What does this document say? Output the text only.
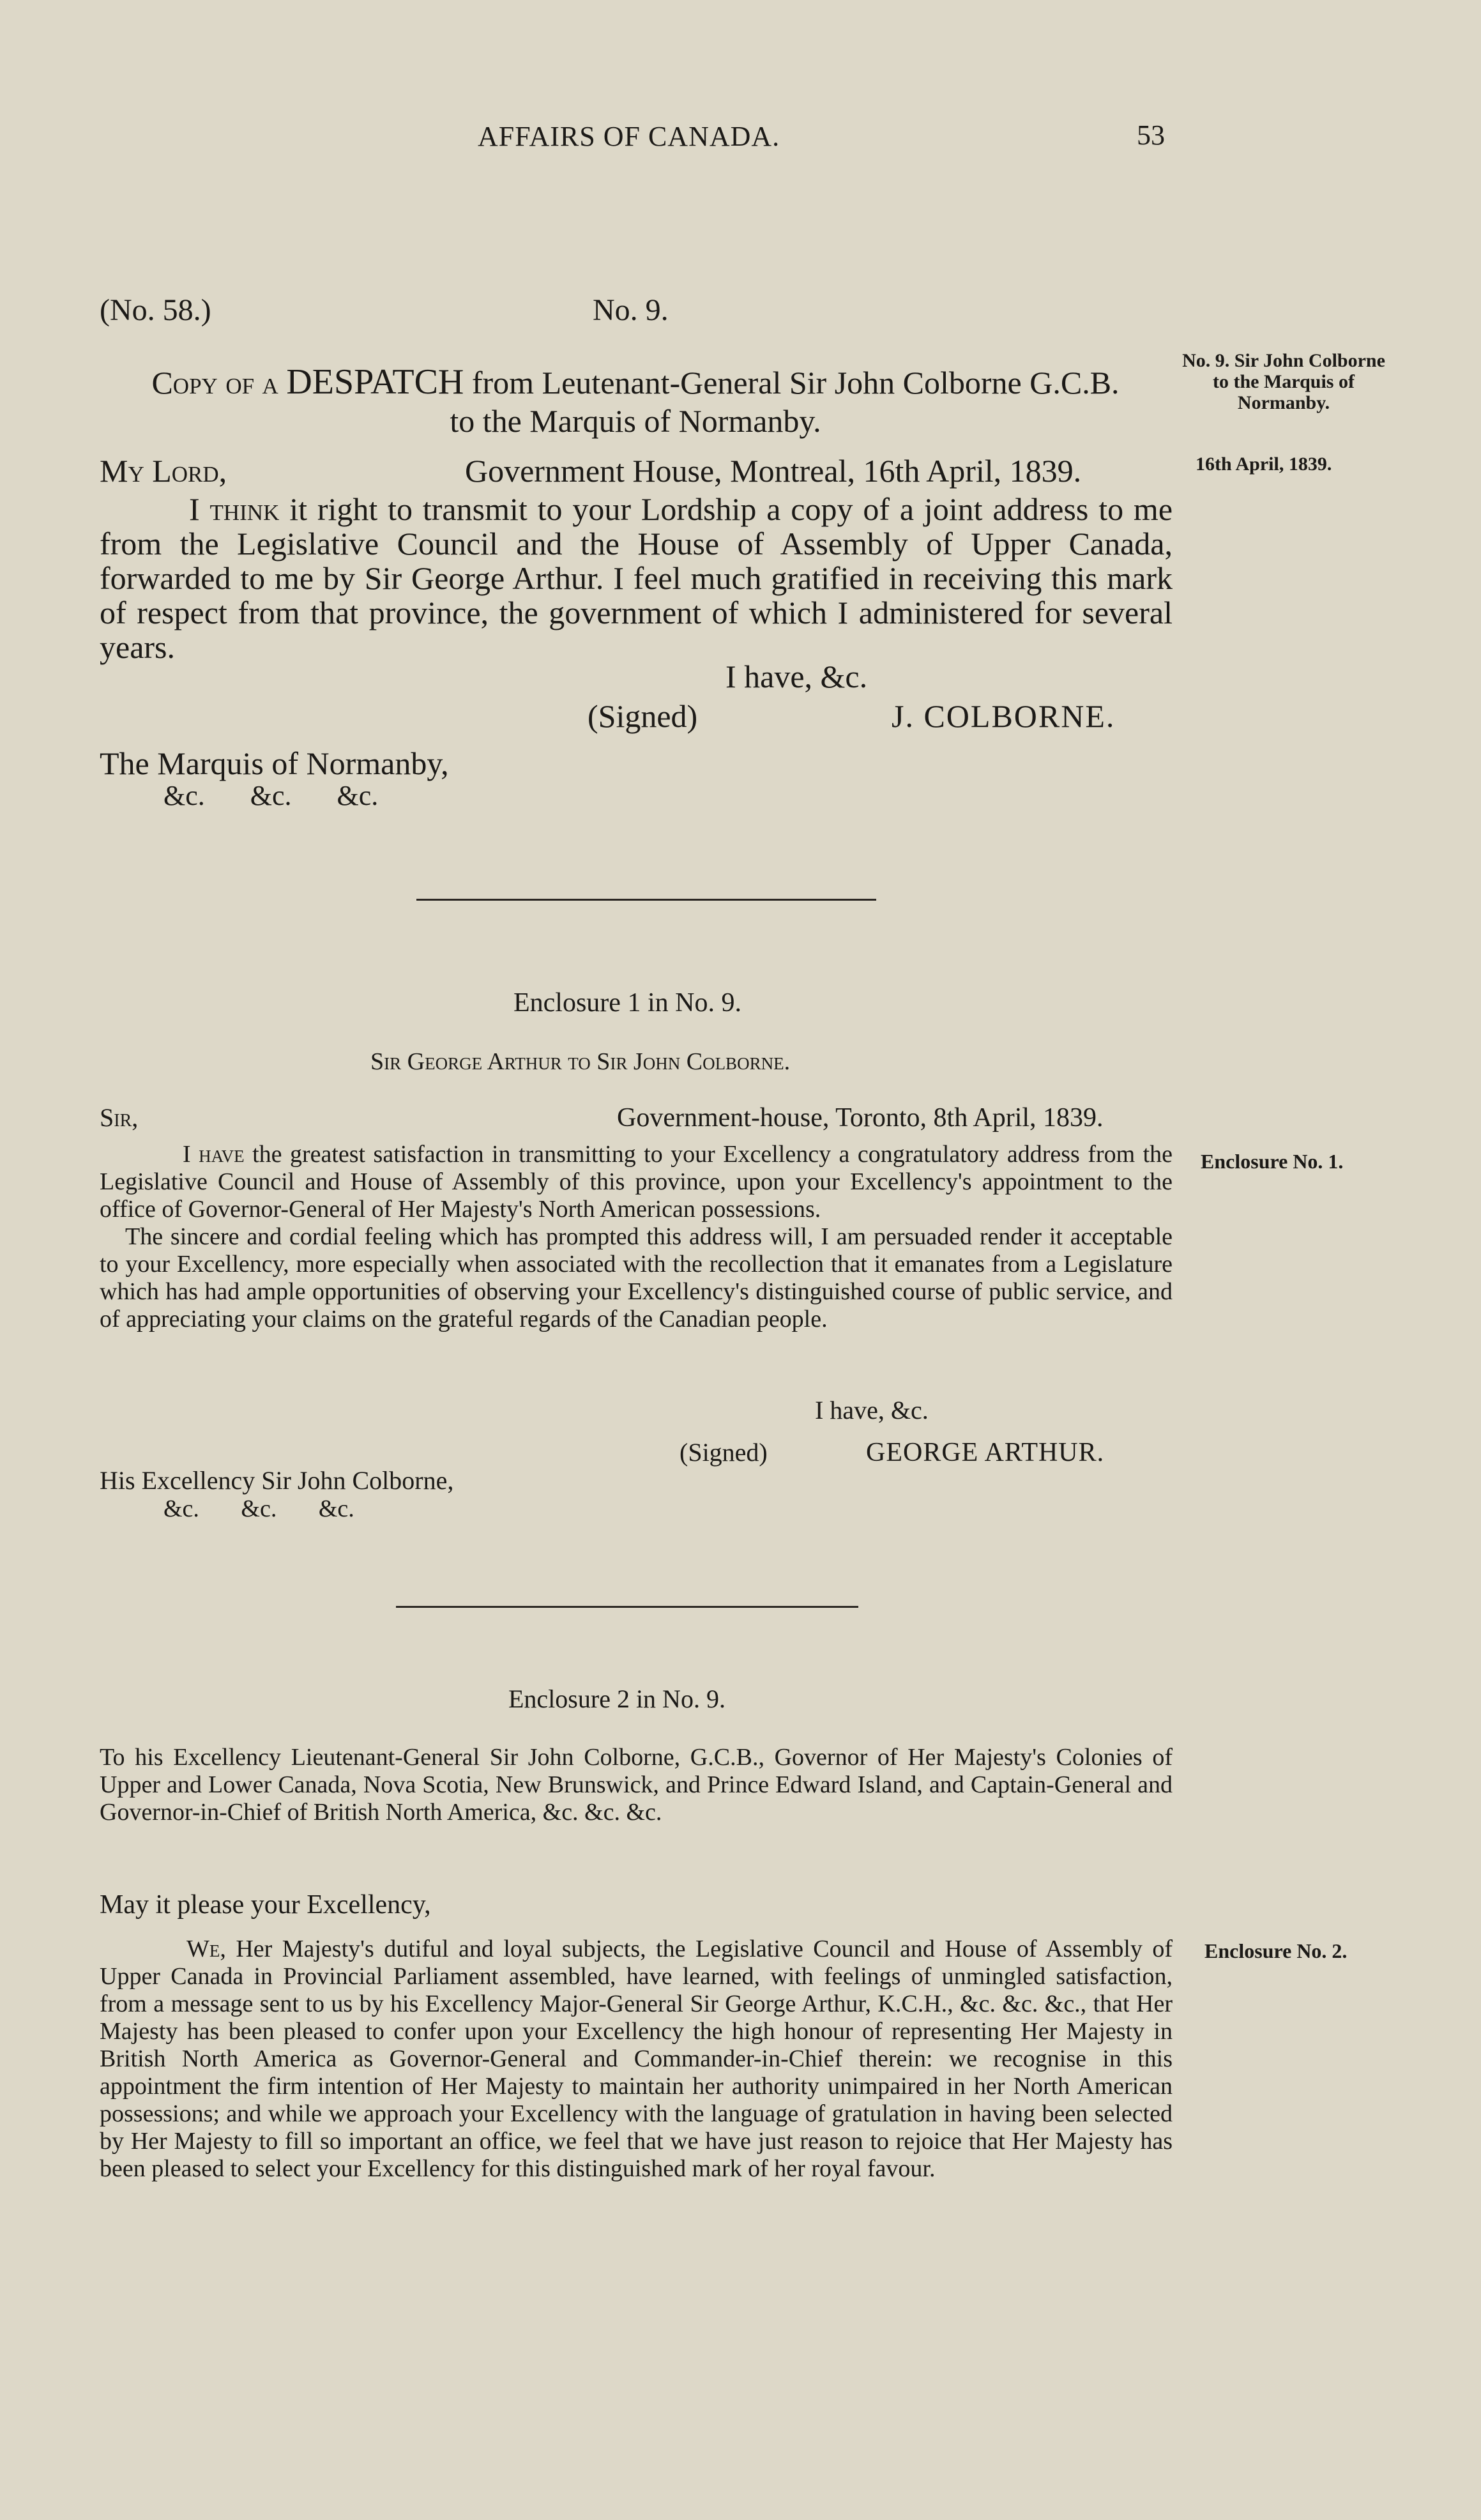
AFFAIRS OF CANADA.	53
(No. 58.)	No. 9.
Copy of a DESPATCH from Leutenant-General Sir John Colborne G.C.B.
to the Marquis of Normanby.
No. 9. Sir John Colborne to the Marquis of Normanby.
16th April, 1839.
My Lord,	Government House, Montreal, 16th April, 1839.
I think it right to transmit to your Lordship a copy of a joint address to me from the Legislative Council and the House of Assembly of Upper Canada, forwarded to me by Sir George Arthur. I feel much gratified in receiving this mark of respect from that province, the government of which I administered for several years.
I have, &c.
(Signed)	J. COLBORNE.
The Marquis of Normanby,
&c. &c. &c.
Enclosure 1 in No. 9.
Sir George Arthur to Sir John Colborne.
Sir,	Government-house, Toronto, 8th April, 1839.
I have the greatest satisfaction in transmitting to your Excellency a congratulatory address from the Legislative Council and House of Assembly of this province, upon your Excellency's appointment to the office of Governor-General of Her Majesty's North American possessions.
The sincere and cordial feeling which has prompted this address will, I am persuaded render it acceptable to your Excellency, more especially when associated with the recollection that it emanates from a Legislature which has had ample opportunities of observing your Excellency's distinguished course of public service, and of appreciating your claims on the grateful regards of the Canadian people.
Enclosure No. 1.
I have, &c.
(Signed)	GEORGE ARTHUR.
His Excellency Sir John Colborne,
&c. &c. &c.
Enclosure 2 in No. 9.
To his Excellency Lieutenant-General Sir John Colborne, G.C.B., Governor of Her Majesty's Colonies of Upper and Lower Canada, Nova Scotia, New Brunswick, and Prince Edward Island, and Captain-General and Governor-in-Chief of British North America, &c. &c. &c.
May it please your Excellency,
We, Her Majesty's dutiful and loyal subjects, the Legislative Council and House of Assembly of Upper Canada in Provincial Parliament assembled, have learned, with feelings of unmingled satisfaction, from a message sent to us by his Excellency Major-General Sir George Arthur, K.C.H., &c. &c. &c., that Her Majesty has been pleased to confer upon your Excellency the high honour of representing Her Majesty in British North America as Governor-General and Commander-in-Chief therein: we recognise in this appointment the firm intention of Her Majesty to maintain her authority unimpaired in her North American possessions; and while we approach your Excellency with the language of gratulation in having been selected by Her Majesty to fill so important an office, we feel that we have just reason to rejoice that Her Majesty has been pleased to select your Excellency for this distinguished mark of her royal favour.
Enclosure No. 2.
